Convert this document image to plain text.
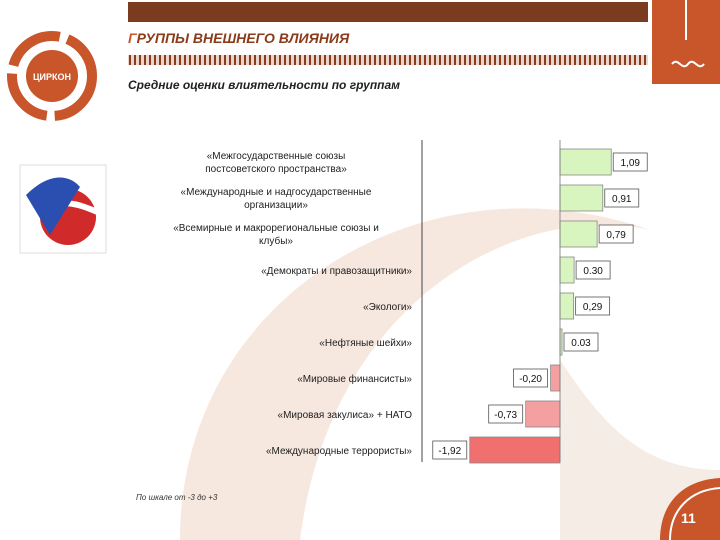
ЦИРКОН
ГРУППЫ ВНЕШНЕГО ВЛИЯНИЯ
Средние оценки влиятельности по группам
«Межгосударственные союзы постсоветского пространства»
1,09
«Международные и надгосударственные организации»
0,91
«Всемирные и макрорегиональные союзы и клубы»
0,79
«Демократы и правозащитники»	0.30
«Экологи»	0,29
«Нефтяные шейхи»	0.03
«Мировые финансисты»	-0,20
«Мировая закулиса» + НАТО	-0,73
«Международные террористы»	-1,92
По шкале от -3 до +3
11
